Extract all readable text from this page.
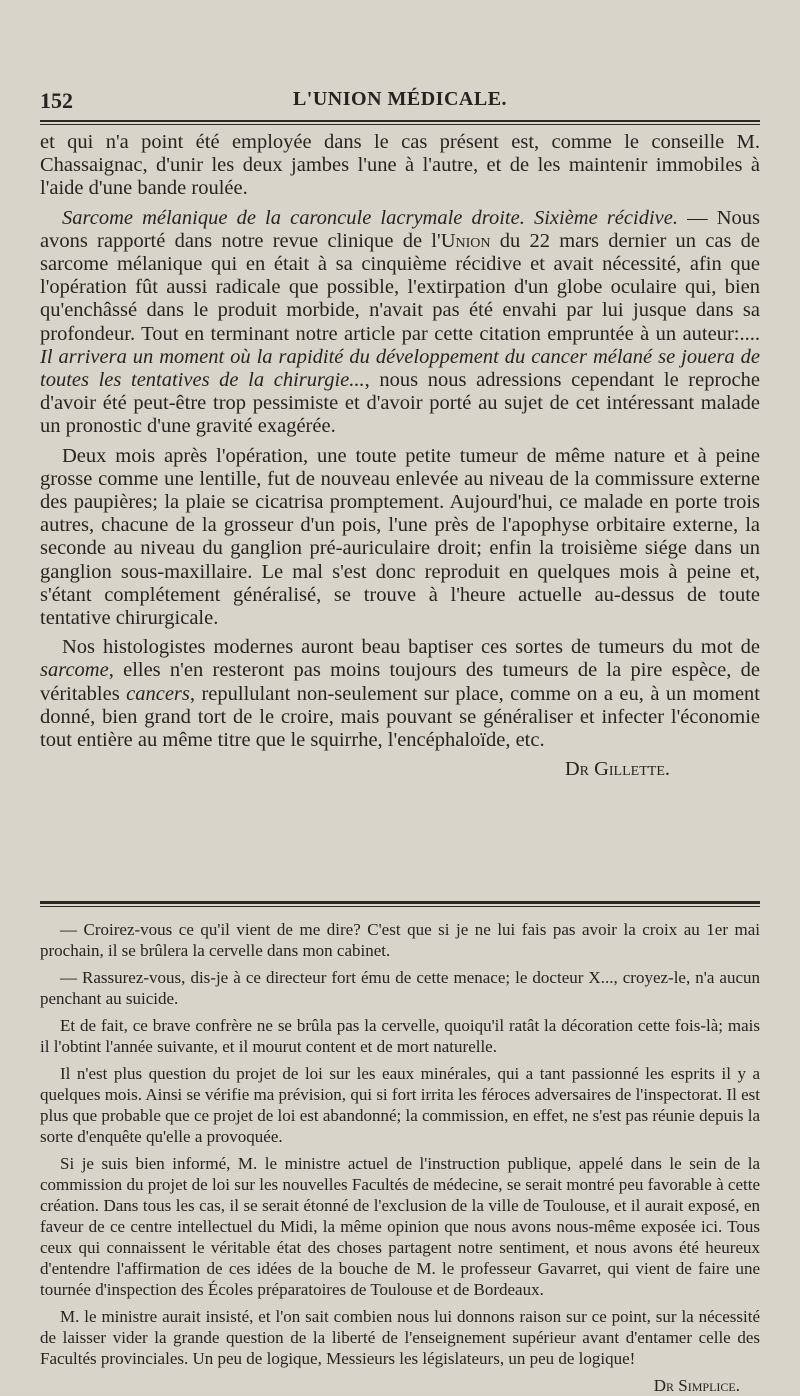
152	L'UNION MÉDICALE.

et qui n'a point été employée dans le cas présent est, comme le conseille M. Chassaignac, d'unir les deux jambes l'une à l'autre, et de les maintenir immobiles à l'aide d'une bande roulée.

Sarcome mélanique de la caroncule lacrymale droite. Sixième récidive. — Nous avons rapporté dans notre revue clinique de l'Union du 22 mars dernier un cas de sarcome mélanique qui en était à sa cinquième récidive et avait nécessité, afin que l'opération fût aussi radicale que possible, l'extirpation d'un globe oculaire qui, bien qu'enchâssé dans le produit morbide, n'avait pas été envahi par lui jusque dans sa profondeur. Tout en terminant notre article par cette citation empruntée à un auteur:.... Il arrivera un moment où la rapidité du développement du cancer mélané se jouera de toutes les tentatives de la chirurgie..., nous nous adressions cependant le reproche d'avoir été peut-être trop pessimiste et d'avoir porté au sujet de cet intéressant malade un pronostic d'une gravité exagérée.

Deux mois après l'opération, une toute petite tumeur de même nature et à peine grosse comme une lentille, fut de nouveau enlevée au niveau de la commissure externe des paupières; la plaie se cicatrisa promptement. Aujourd'hui, ce malade en porte trois autres, chacune de la grosseur d'un pois, l'une près de l'apophyse orbitaire externe, la seconde au niveau du ganglion pré-auriculaire droit; enfin la troisième siége dans un ganglion sous-maxillaire. Le mal s'est donc reproduit en quelques mois à peine et, s'étant complétement généralisé, se trouve à l'heure actuelle au-dessus de toute tentative chirurgicale.

Nos histologistes modernes auront beau baptiser ces sortes de tumeurs du mot de sarcome, elles n'en resteront pas moins toujours des tumeurs de la pire espèce, de véritables cancers, repullulant non-seulement sur place, comme on a eu, à un moment donné, bien grand tort de le croire, mais pouvant se généraliser et infecter l'économie tout entière au même titre que le squirrhe, l'encéphaloïde, etc.

Dr Gillette.

— Croirez-vous ce qu'il vient de me dire? C'est que si je ne lui fais pas avoir la croix au 1er mai prochain, il se brûlera la cervelle dans mon cabinet.

— Rassurez-vous, dis-je à ce directeur fort ému de cette menace; le docteur X..., croyez-le, n'a aucun penchant au suicide.

Et de fait, ce brave confrère ne se brûla pas la cervelle, quoiqu'il ratât la décoration cette fois-là; mais il l'obtint l'année suivante, et il mourut content et de mort naturelle.

Il n'est plus question du projet de loi sur les eaux minérales, qui a tant passionné les esprits il y a quelques mois. Ainsi se vérifie ma prévision, qui si fort irrita les féroces adversaires de l'inspectorat. Il est plus que probable que ce projet de loi est abandonné; la commission, en effet, ne s'est pas réunie depuis la sorte d'enquête qu'elle a provoquée.

Si je suis bien informé, M. le ministre actuel de l'instruction publique, appelé dans le sein de la commission du projet de loi sur les nouvelles Facultés de médecine, se serait montré peu favorable à cette création. Dans tous les cas, il se serait étonné de l'exclusion de la ville de Toulouse, et il aurait exposé, en faveur de ce centre intellectuel du Midi, la même opinion que nous avons nous-même exposée ici. Tous ceux qui connaissent le véritable état des choses partagent notre sentiment, et nous avons été heureux d'entendre l'affirmation de ces idées de la bouche de M. le professeur Gavarret, qui vient de faire une tournée d'inspection des Écoles préparatoires de Toulouse et de Bordeaux.

M. le ministre aurait insisté, et l'on sait combien nous lui donnons raison sur ce point, sur la nécessité de laisser vider la grande question de la liberté de l'enseignement supérieur avant d'entamer celle des Facultés provinciales. Un peu de logique, Messieurs les législateurs, un peu de logique!

Dr Simplice.
